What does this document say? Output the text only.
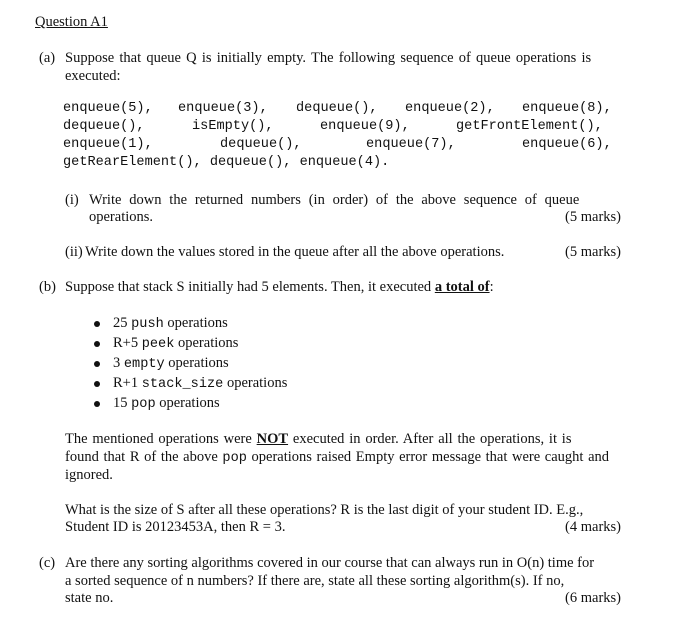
Question A1
(a) Suppose that queue Q is initially empty. The following sequence of queue operations is
executed:
enqueue(5), enqueue(3), dequeue(), enqueue(2), enqueue(8),
dequeue(),	isEmpty(),	enqueue(9),	getFrontElement(),
enqueue(1),	dequeue(),	enqueue(7),	enqueue(6),
getRearElement(), dequeue(), enqueue(4).
(i) Write down the returned numbers (in order) of the above sequence of queue
operations.	(5 marks)
(ii) Write down the values stored in the queue after all the above operations.	(5 marks)
(b) Suppose that stack S initially had 5 elements. Then, it executed a total of:
25 push operations
R+5 peek operations
3 empty operations
R+1 stack_size operations
15 pop operations
The mentioned operations were NOT executed in order. After all the operations, it is
found that R of the above pop operations raised Empty error message that were caught and
ignored.
What is the size of S after all these operations? R is the last digit of your student ID. E.g.,
Student ID is 20123453A, then R = 3.	(4 marks)
(c) Are there any sorting algorithms covered in our course that can always run in O(n) time for
a sorted sequence of n numbers? If there are, state all these sorting algorithm(s). If no,
state no.	(6 marks)
